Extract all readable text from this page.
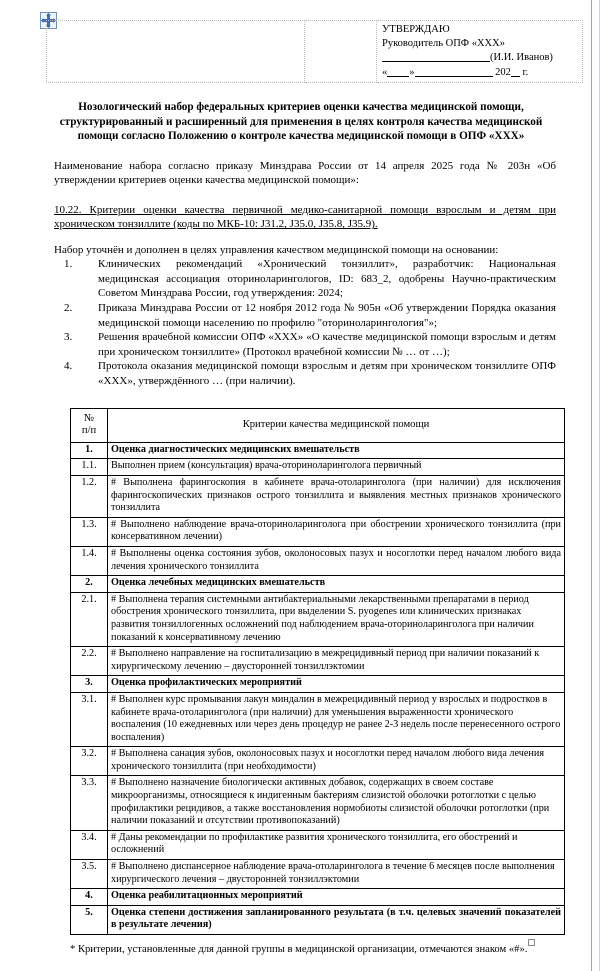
УТВЕРЖДАЮ
Руководитель ОПФ «ХХХ»
(И.И. Иванов)
« »	202 г.
Нозологический набор федеральных критериев оценки качества медицинской помощи, структурированный и расширенный для применения в целях контроля качества медицинской помощи согласно Положению о контроле качества медицинской помощи в ОПФ «ХХХ»
Наименование набора согласно приказу Минздрава России от 14 апреля 2025 года № 203н «Об утверждении критериев оценки качества медицинской помощи»:
10.22. Критерии оценки качества первичной медико-санитарной помощи взрослым и детям при хроническом тонзиллите (коды по МКБ-10: J31.2, J35.0, J35.8, J35.9).
Набор уточнён и дополнен в целях управления качеством медицинской помощи на основании:
1.	Клинических рекомендаций «Хронический тонзиллит», разработчик: Национальная медицинская ассоциация оториноларингологов, ID: 683_2, одобрены Научно-практическим Советом Минздрава России, год утверждения: 2024;
2.	Приказа Минздрава России от 12 ноября 2012 года № 905н «Об утверждении Порядка оказания медицинской помощи населению по профилю "оториноларингология"»;
3.	Решения врачебной комиссии ОПФ «ХХХ» «О качестве медицинской помощи взрослым и детям при хроническом тонзиллите» (Протокол врачебной комиссии № … от …);
4.	Протокола оказания медицинской помощи взрослым и детям при хроническом тонзиллите ОПФ «ХХХ», утверждённого … (при наличии).
№
п/п	Критерии качества медицинской помощи
1.	Оценка диагностических медицинских вмешательств
1.1.	Выполнен прием (консультация) врача-оториноларинголога первичный
1.2.	# Выполнена фарингоскопия в кабинете врача-отоларинголога (при наличии) для исключения фарингоскопических признаков острого тонзиллита и выявления местных признаков хронического тонзиллита
1.3.	# Выполнено наблюдение врача-оториноларинголога при обострении хронического тонзиллита (при консервативном лечении)
1.4.	# Выполнены оценка состояния зубов, околоносовых пазух и носоглотки перед началом любого вида лечения хронического тонзиллита
2.	Оценка лечебных медицинских вмешательств
2.1.	# Выполнена терапия системными антибактериальными лекарственными препаратами в период обострения хронического тонзиллита, при выделении S. pyogenes или клинических признаках развития тонзиллогенных осложнений под наблюдением врача-оториноларинголога при наличии показаний к консервативному лечению
2.2.	# Выполнено направление на госпитализацию в межрецидивный период при наличии показаний к хирургическому лечению – двусторонней тонзиллэктомии
3.	Оценка профилактических мероприятий
3.1.	# Выполнен курс промывания лакун миндалин в межрецидивный период у взрослых и подростков в кабинете врача-отоларинголога (при наличии) для уменьшения выраженности хронического воспаления (10 ежедневных или через день процедур не ранее 2-3 недель после перенесенного острого воспаления)
3.2.	# Выполнена санация зубов, околоносовых пазух и носоглотки перед началом любого вида лечения хронического тонзиллита (при необходимости)
3.3.	# Выполнено назначение биологически активных добавок, содержащих в своем составе микроорганизмы, относящиеся к индигенным бактериям слизистой оболочки ротоглотки с целью профилактики рецидивов, а также восстановления нормобиоты слизистой оболочки ротоглотки (при наличии показаний и отсутствии противопоказаний)
3.4.	# Даны рекомендации по профилактике развития хронического тонзиллита, его обострений и осложнений
3.5.	# Выполнено диспансерное наблюдение врача-отоларинголога в течение 6 месяцев после выполнения хирургического лечения – двусторонней тонзиллэктомии
4.	Оценка реабилитационных мероприятий
5.	Оценка степени достижения запланированного результата (в т.ч. целевых значений показателей в результате лечения)
* Критерии, установленные для данной группы в медицинской организации, отмечаются знаком «#».
